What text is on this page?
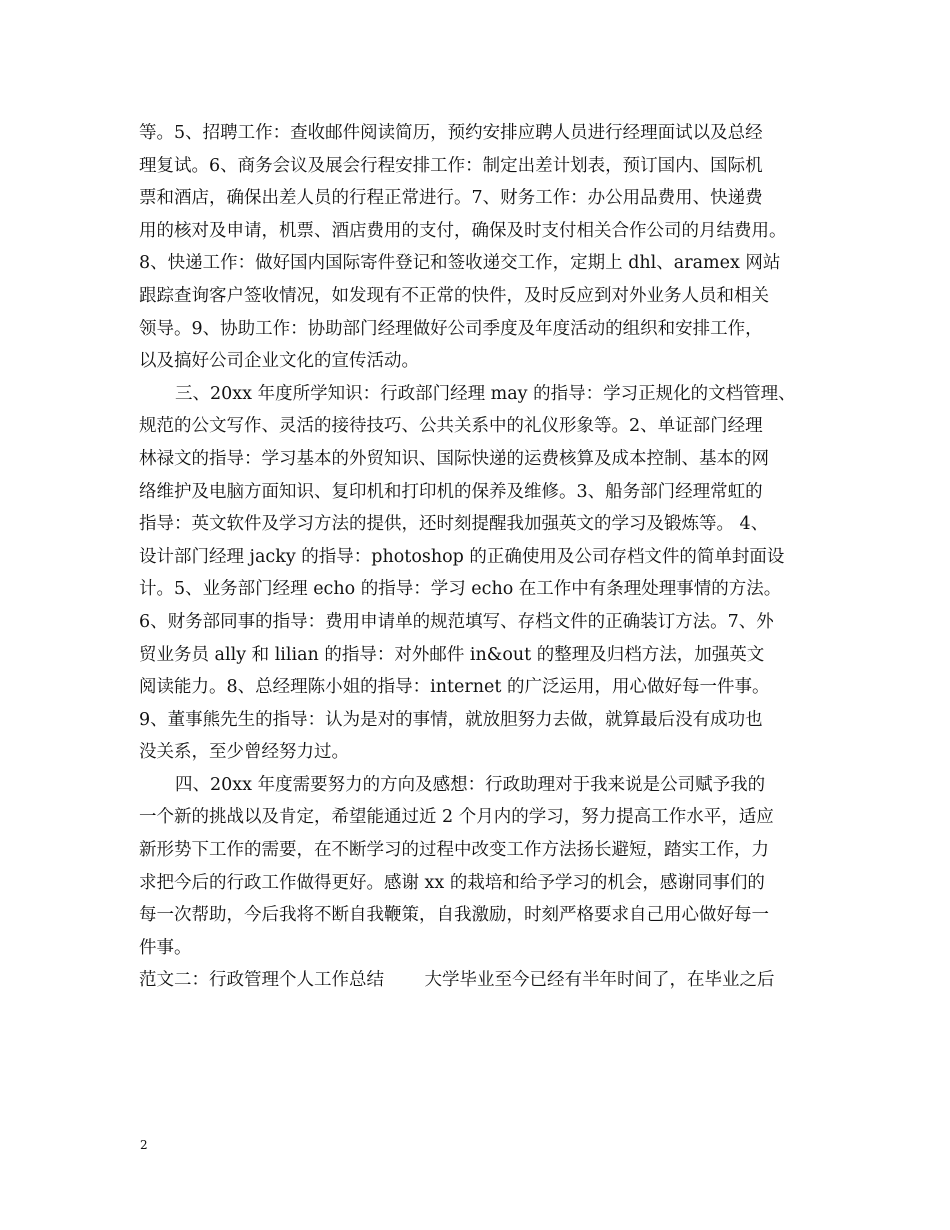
等。5、招聘工作：查收邮件阅读简历，预约安排应聘人员进行经理面试以及总经
理复试。6、商务会议及展会行程安排工作：制定出差计划表，预订国内、国际机
票和酒店，确保出差人员的行程正常进行。7、财务工作：办公用品费用、快递费
用的核对及申请，机票、酒店费用的支付，确保及时支付相关合作公司的月结费用。
8、快递工作：做好国内国际寄件登记和签收递交工作，定期上 dhl、aramex 网站
跟踪查询客户签收情况，如发现有不正常的快件，及时反应到对外业务人员和相关
领导。9、协助工作：协助部门经理做好公司季度及年度活动的组织和安排工作，
以及搞好公司企业文化的宣传活动。
三、20xx 年度所学知识：行政部门经理 may 的指导：学习正规化的文档管理、
规范的公文写作、灵活的接待技巧、公共关系中的礼仪形象等。2、单证部门经理
林禄文的指导：学习基本的外贸知识、国际快递的运费核算及成本控制、基本的网
络维护及电脑方面知识、复印机和打印机的保养及维修。3、船务部门经理常虹的
指导：英文软件及学习方法的提供，还时刻提醒我加强英文的学习及锻炼等。 4、
设计部门经理 jacky 的指导：photoshop 的正确使用及公司存档文件的简单封面设
计。5、业务部门经理 echo 的指导：学习 echo 在工作中有条理处理事情的方法。
6、财务部同事的指导：费用申请单的规范填写、存档文件的正确装订方法。7、外
贸业务员 ally 和 lilian 的指导：对外邮件 in&out 的整理及归档方法，加强英文
阅读能力。8、总经理陈小姐的指导：internet 的广泛运用，用心做好每一件事。
9、董事熊先生的指导：认为是对的事情，就放胆努力去做，就算最后没有成功也
没关系，至少曾经努力过。
四、20xx 年度需要努力的方向及感想：行政助理对于我来说是公司赋予我的
一个新的挑战以及肯定，希望能通过近 2 个月内的学习，努力提高工作水平，适应
新形势下工作的需要，在不断学习的过程中改变工作方法扬长避短，踏实工作，力
求把今后的行政工作做得更好。感谢 xx 的栽培和给予学习的机会，感谢同事们的
每一次帮助，今后我将不断自我鞭策，自我激励，时刻严格要求自己用心做好每一
件事。
范文二：行政管理个人工作总结　　 大学毕业至今已经有半年时间了，在毕业之后
2
